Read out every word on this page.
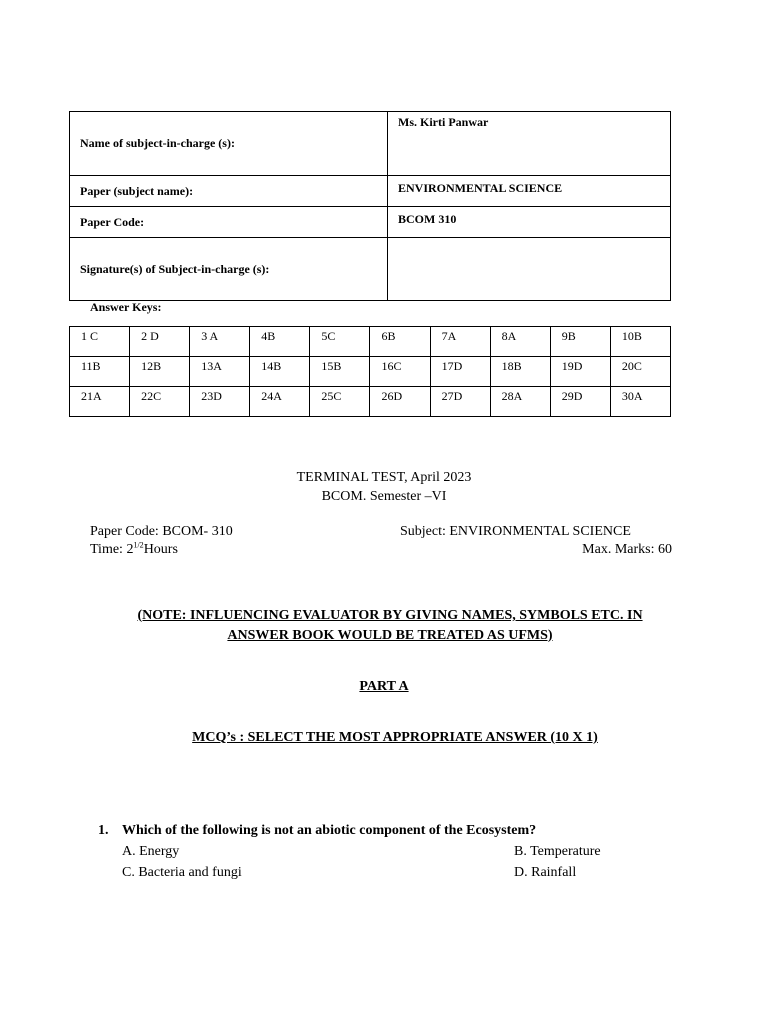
Name of subject-in-charge (s):	Ms. Kirti Panwar
Paper (subject name):	ENVIRONMENTAL SCIENCE
Paper Code:	BCOM 310
Signature(s) of Subject-in-charge (s):	
Answer Keys:
1 C	2 D	3 A	4B	5C	6B	7A	8A	9B	10B
11B	12B	13A	14B	15B	16C	17D	18B	19D	20C
21A	22C	23D	24A	25C	26D	27D	28A	29D	30A
TERMINAL TEST, April 2023
BCOM. Semester –VI
Paper Code: BCOM- 310	Subject: ENVIRONMENTAL SCIENCE
Time: $2^{1/2}Hours$	Max. Marks: 60
(NOTE: INFLUENCING EVALUATOR BY GIVING NAMES, SYMBOLS ETC. IN
ANSWER BOOK WOULD BE TREATED AS UFMS)
PART A
MCQ’s : SELECT THE MOST APPROPRIATE ANSWER (10 X 1)
1. Which of the following is not an abiotic component of the Ecosystem?
A. Energy	B. Temperature
C. Bacteria and fungi	D. Rainfall
